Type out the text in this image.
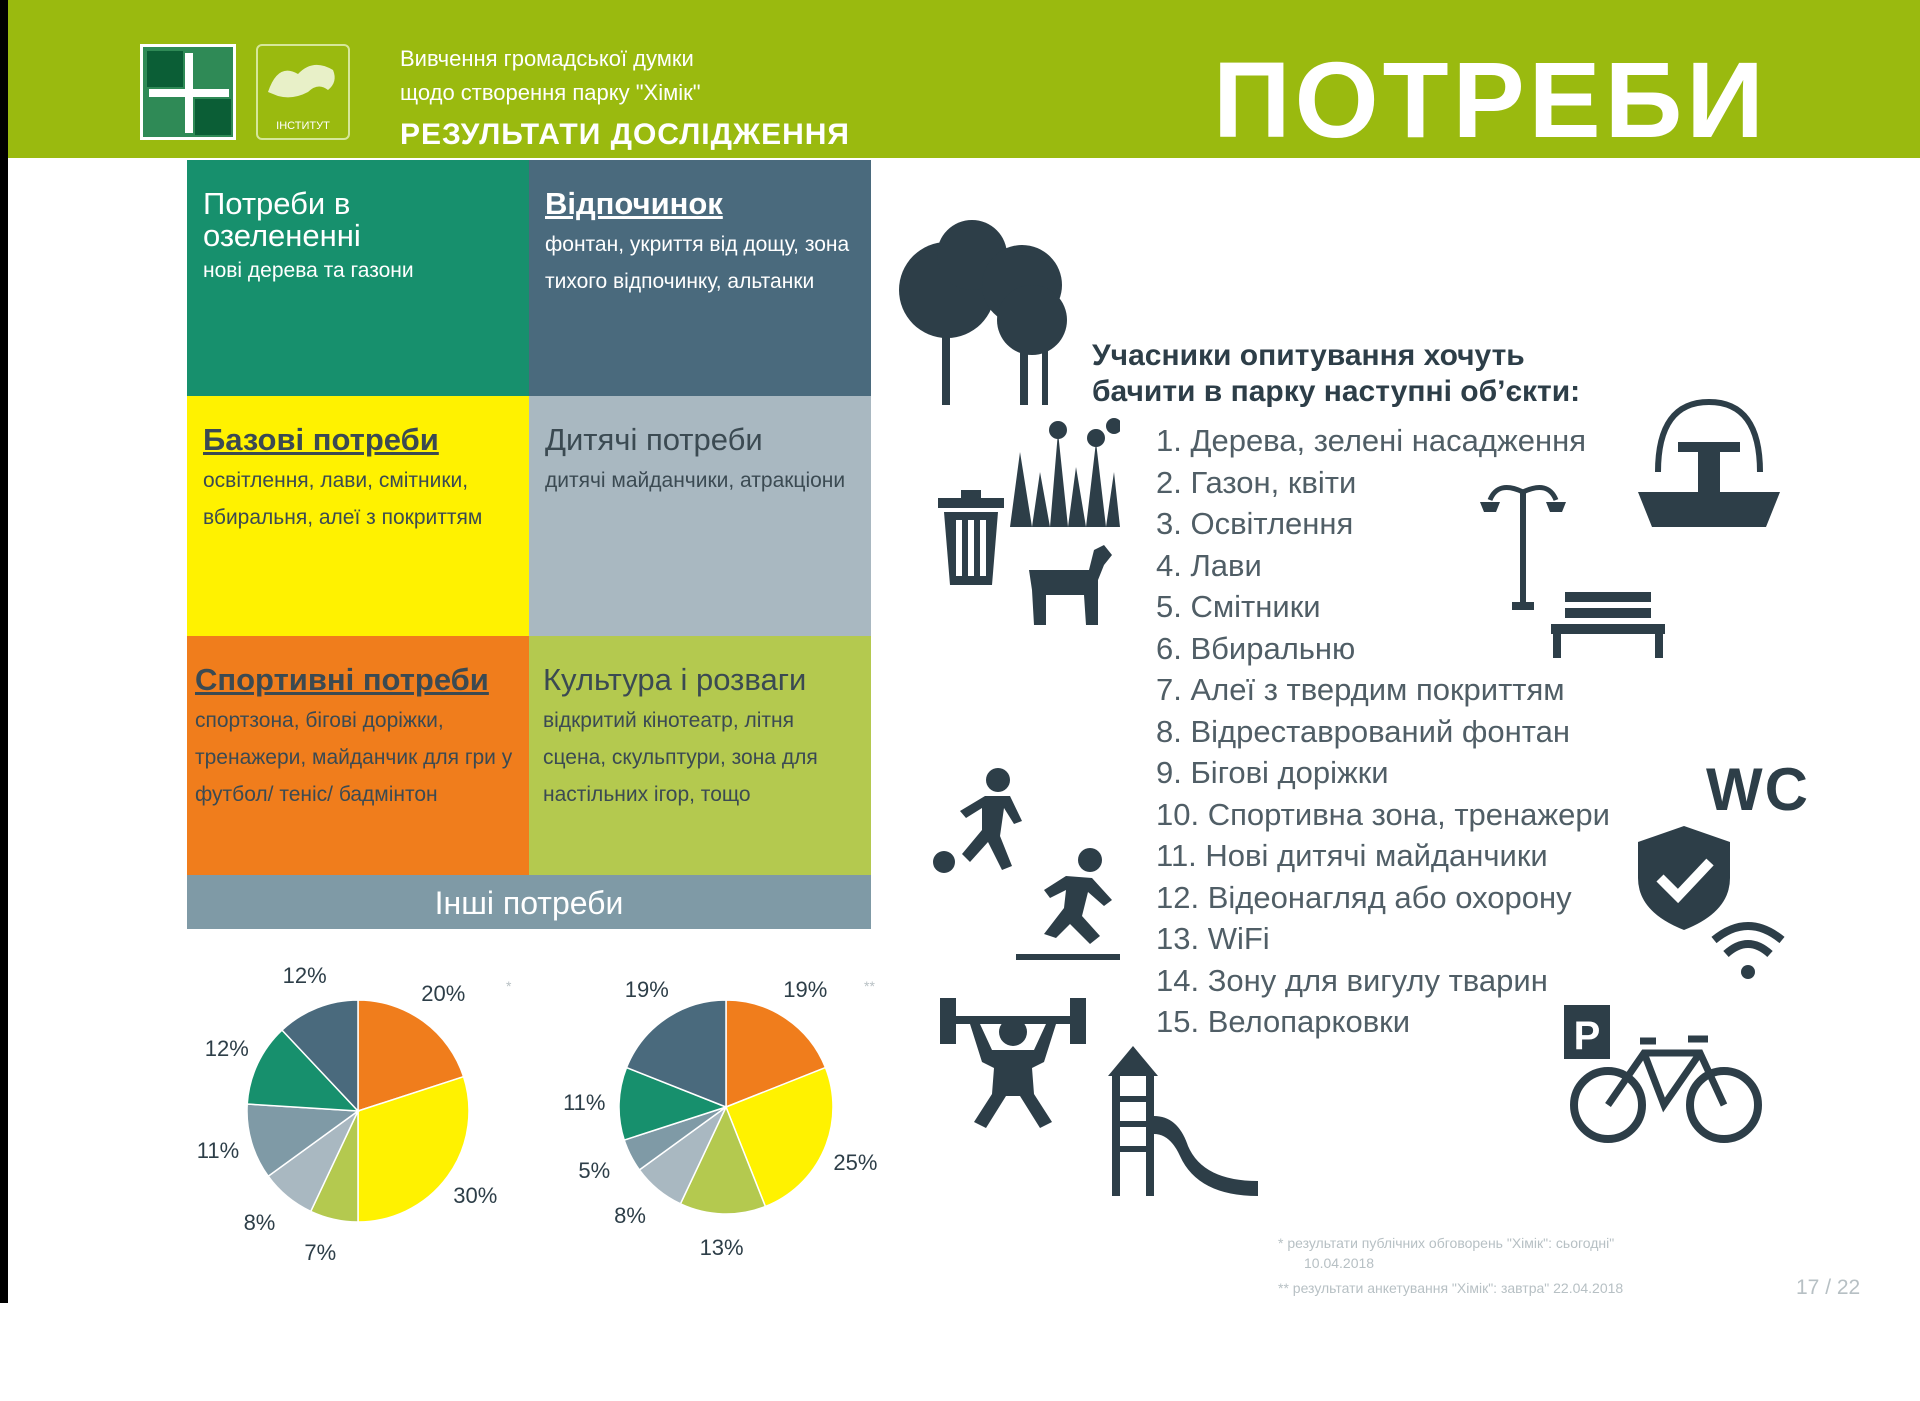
ІНСТИТУТ
Вивчення громадської думки
щодо створення парку "Хімік"
РЕЗУЛЬТАТИ ДОСЛІДЖЕННЯ	ПОТРЕБИ
Потреби в озелененні
нові дерева та газони
Відпочинок
фонтан, укриття від дощу, зона тихого відпочинку, альтанки
Базові потреби
освітлення, лави, смітники, вбиральня, алеї з покриттям
Дитячі потреби
дитячі майданчики, атракціони
Спортивні потреби
спортзона, бігові доріжки, тренажери, майданчик для гри у футбол/ теніс/ бадмінтон
Культура і розваги
відкритий кінотеатр, літня сцена, скульптури, зона для настільних ігор, тощо
Інші потреби
20%
30%
7%
8%
11%
12%
12%
19%
25%
13%
8%
5%
11%
19%
*	**
Учасники опитування хочуть
бачити в парку наступні об’єкти:
1. Дерева, зелені насадження
2. Газон, квіти
3. Освітлення
4. Лави
5. Смітники
6. Вбиральню
7. Алеї з твердим покриттям
8. Відреставрований фонтан
9. Бігові доріжки
10. Спортивна зона, тренажери
11. Нові дитячі майданчики
12. Відеонагляд або охорону
13. WiFi
14. Зону для вигулу тварин
15. Велопарковки
WC
P
* результати публічних обговорень "Хімік": сьогодні"
10.04.2018
** результати анкетування "Хімік": завтра" 22.04.2018	17 / 22
